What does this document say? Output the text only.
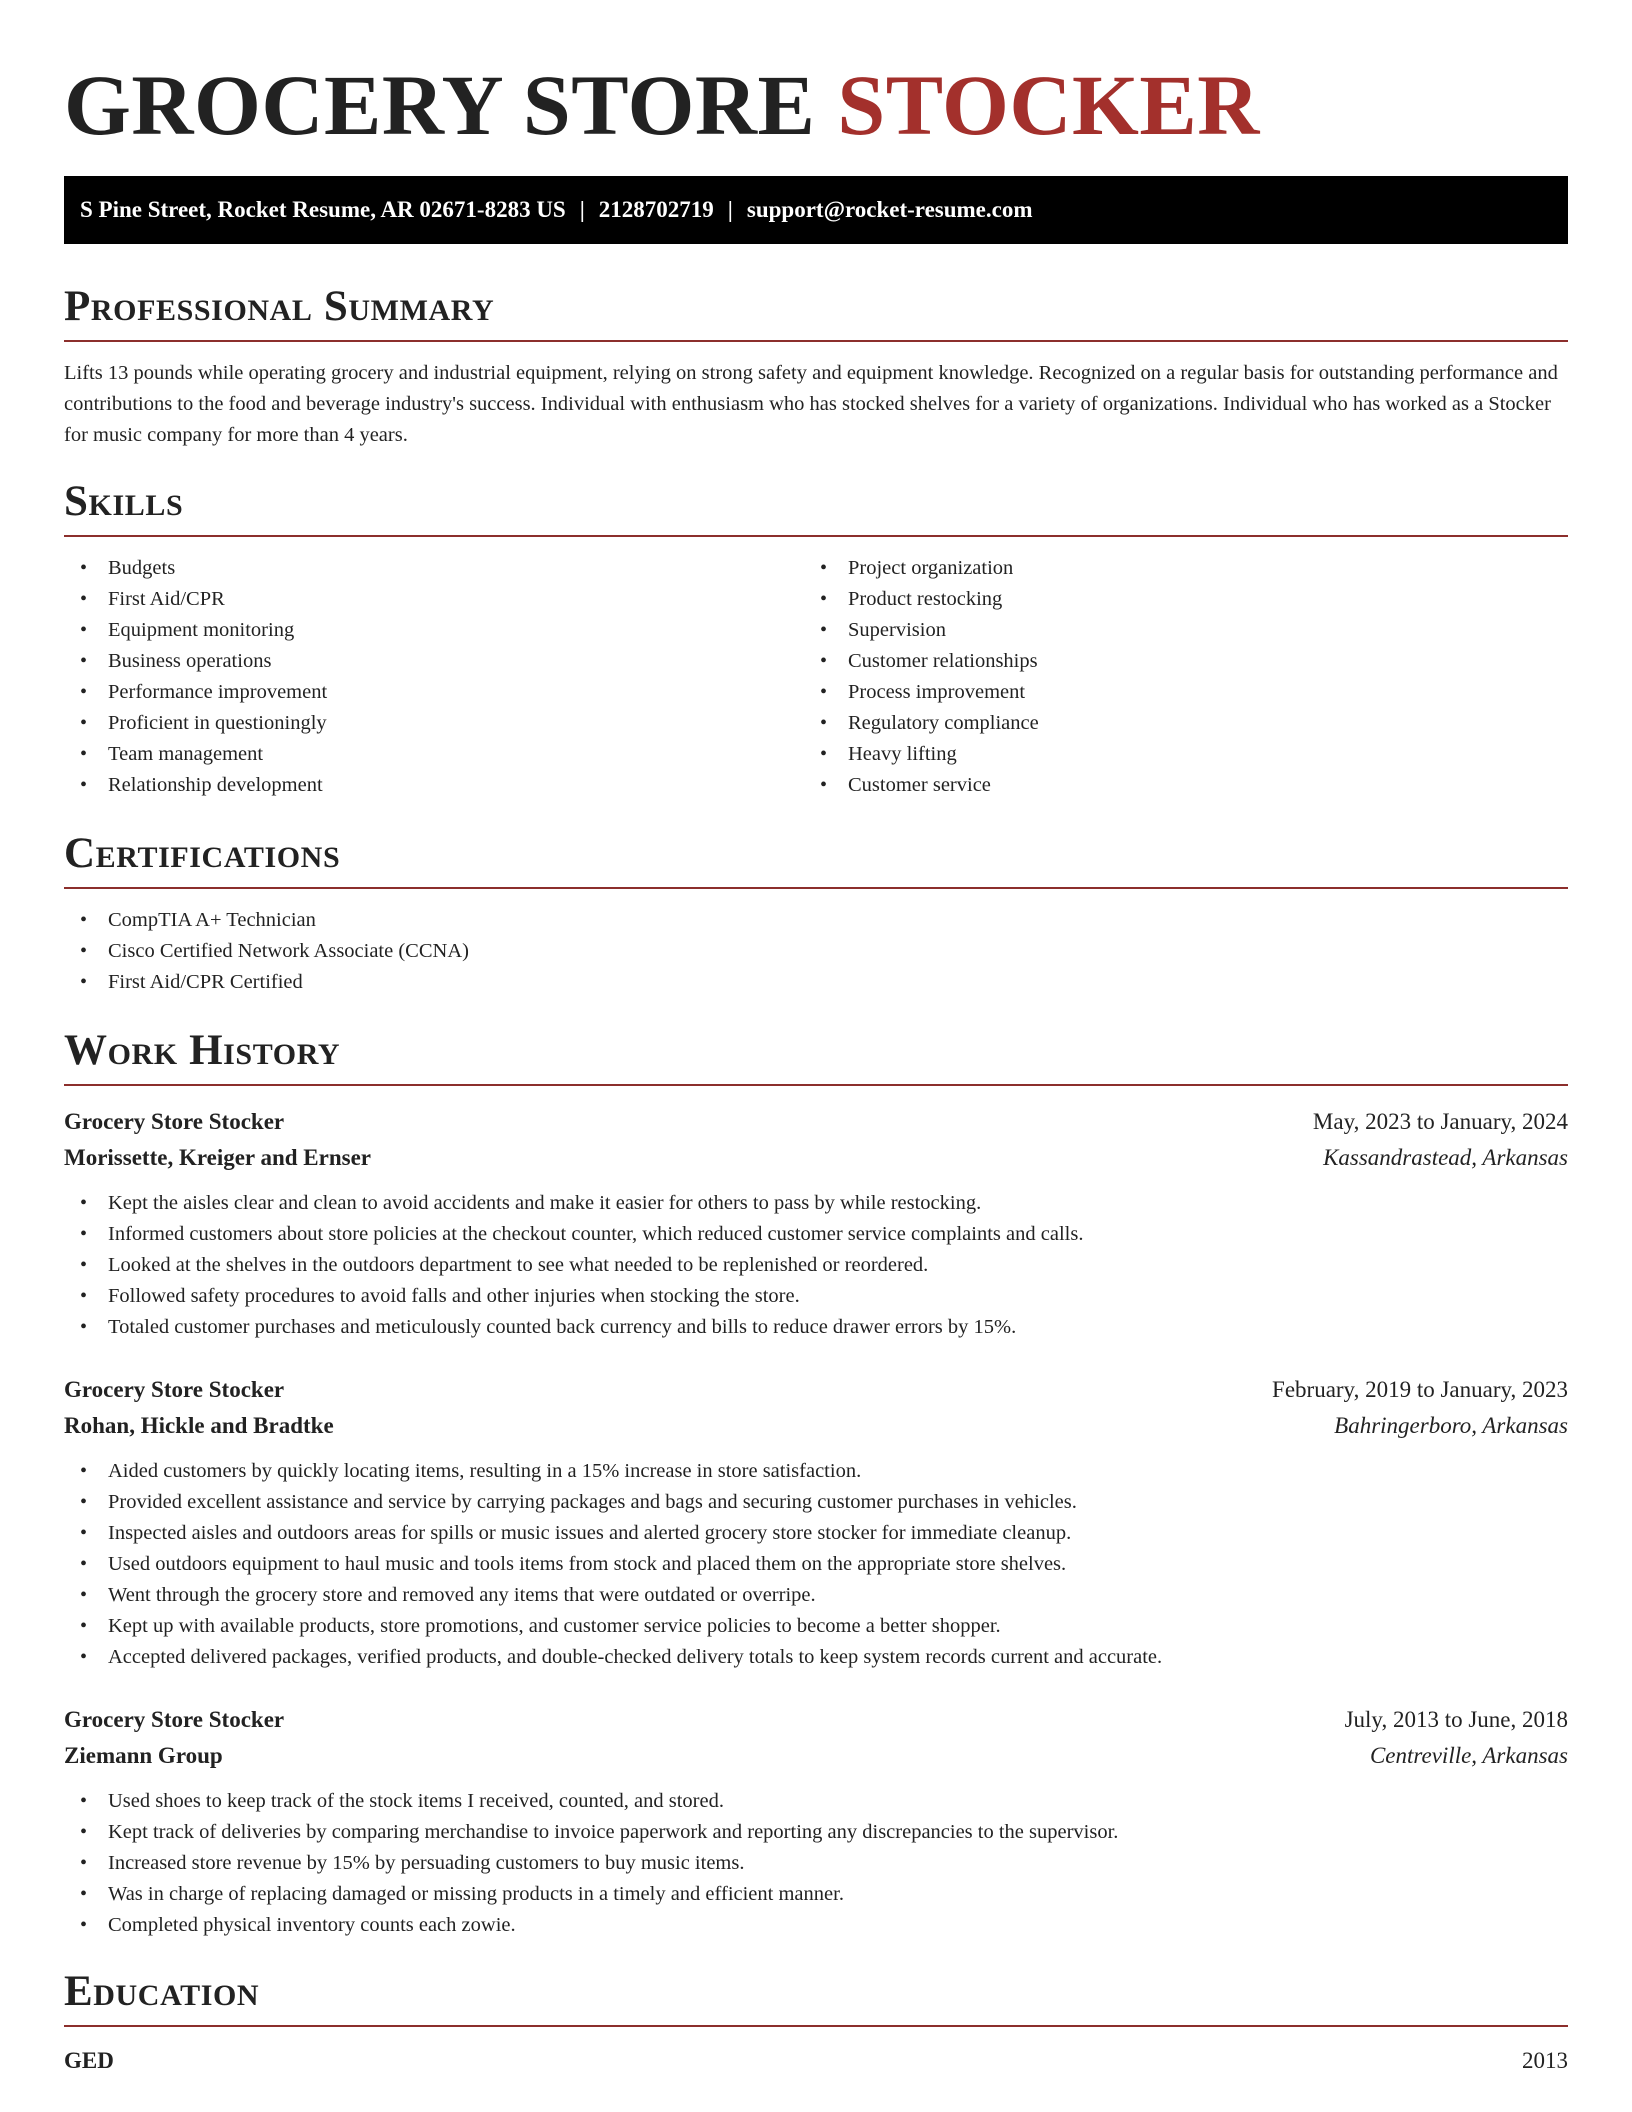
GROCERY STORE STOCKER
S Pine Street, Rocket Resume, AR 02671-8283 US | 2128702719 | support@rocket-resume.com
Professional Summary

Lifts 13 pounds while operating grocery and industrial equipment, relying on strong safety and equipment knowledge. Recognized on a regular basis for outstanding performance and contributions to the food and beverage industry's success. Individual with enthusiasm who has stocked shelves for a variety of organizations. Individual who has worked as a Stocker for music company for more than 4 years.

Skills
• Budgets
• First Aid/CPR
• Equipment monitoring
• Business operations
• Performance improvement
• Proficient in questioningly
• Team management
• Relationship development
• Project organization
• Product restocking
• Supervision
• Customer relationships
• Process improvement
• Regulatory compliance
• Heavy lifting
• Customer service
Certifications
• CompTIA A+ Technician
• Cisco Certified Network Associate (CCNA)
• First Aid/CPR Certified
Work History
Grocery Store Stocker	May, 2023 to January, 2024
Morissette, Kreiger and Ernser	Kassandrastead, Arkansas
• Kept the aisles clear and clean to avoid accidents and make it easier for others to pass by while restocking.
• Informed customers about store policies at the checkout counter, which reduced customer service complaints and calls.
• Looked at the shelves in the outdoors department to see what needed to be replenished or reordered.
• Followed safety procedures to avoid falls and other injuries when stocking the store.
• Totaled customer purchases and meticulously counted back currency and bills to reduce drawer errors by 15%.
Grocery Store Stocker	February, 2019 to January, 2023
Rohan, Hickle and Bradtke	Bahringerboro, Arkansas
• Aided customers by quickly locating items, resulting in a 15% increase in store satisfaction.
• Provided excellent assistance and service by carrying packages and bags and securing customer purchases in vehicles.
• Inspected aisles and outdoors areas for spills or music issues and alerted grocery store stocker for immediate cleanup.
• Used outdoors equipment to haul music and tools items from stock and placed them on the appropriate store shelves.
• Went through the grocery store and removed any items that were outdated or overripe.
• Kept up with available products, store promotions, and customer service policies to become a better shopper.
• Accepted delivered packages, verified products, and double-checked delivery totals to keep system records current and accurate.
Grocery Store Stocker	July, 2013 to June, 2018
Ziemann Group	Centreville, Arkansas
• Used shoes to keep track of the stock items I received, counted, and stored.
• Kept track of deliveries by comparing merchandise to invoice paperwork and reporting any discrepancies to the supervisor.
• Increased store revenue by 15% by persuading customers to buy music items.
• Was in charge of replacing damaged or missing products in a timely and efficient manner.
• Completed physical inventory counts each zowie.
Education
GED	2013
